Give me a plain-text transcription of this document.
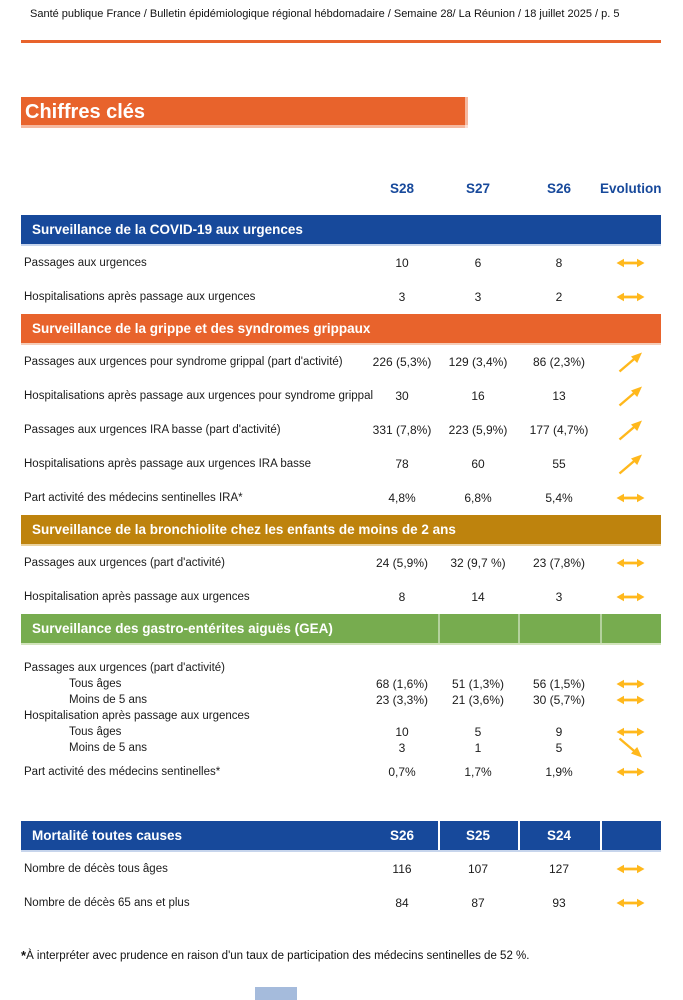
Santé publique France / Bulletin épidémiologique régional hébdomadaire / Semaine 28/ La Réunion / 18 juillet 2025 / p. 5
Chiffres clés
S28	S27	S26	Evolution
Surveillance de la COVID-19 aux urgences
Passages aux urgences	10	6	8
Hospitalisations après passage aux urgences	3	3	2
Surveillance de la grippe et des syndromes grippaux
Passages aux urgences pour syndrome grippal (part d'activité)	226 (5,3%)	129 (3,4%)	86 (2,3%)
Hospitalisations après passage aux urgences pour syndrome grippal	30	16	13
Passages aux urgences IRA basse (part d'activité)	331 (7,8%)	223 (5,9%)	177 (4,7%)
Hospitalisations après passage aux urgences IRA basse	78	60	55
Part activité des médecins sentinelles IRA*	4,8%	6,8%	5,4%
Surveillance de la bronchiolite chez les enfants de moins de 2 ans
Passages aux urgences (part d'activité)	24 (5,9%)	32 (9,7 %)	23 (7,8%)
Hospitalisation après passage aux urgences	8	14	3
Surveillance des gastro-entérites aiguës (GEA)
Passages aux urgences (part d'activité)
Tous âges	68 (1,6%)	51 (1,3%)	56 (1,5%)
Moins de 5 ans	23 (3,3%)	21 (3,6%)	30 (5,7%)
Hospitalisation après passage aux urgences
Tous âges	10	5	9
Moins de 5 ans	3	1	5
Part activité des médecins sentinelles*	0,7%	1,7%	1,9%
Mortalité toutes causes	S26	S25	S24
Nombre de décès tous âges	116	107	127
Nombre de décès 65 ans et plus	84	87	93
*À interpréter avec prudence en raison d'un taux de participation des médecins sentinelles de 52 %.
